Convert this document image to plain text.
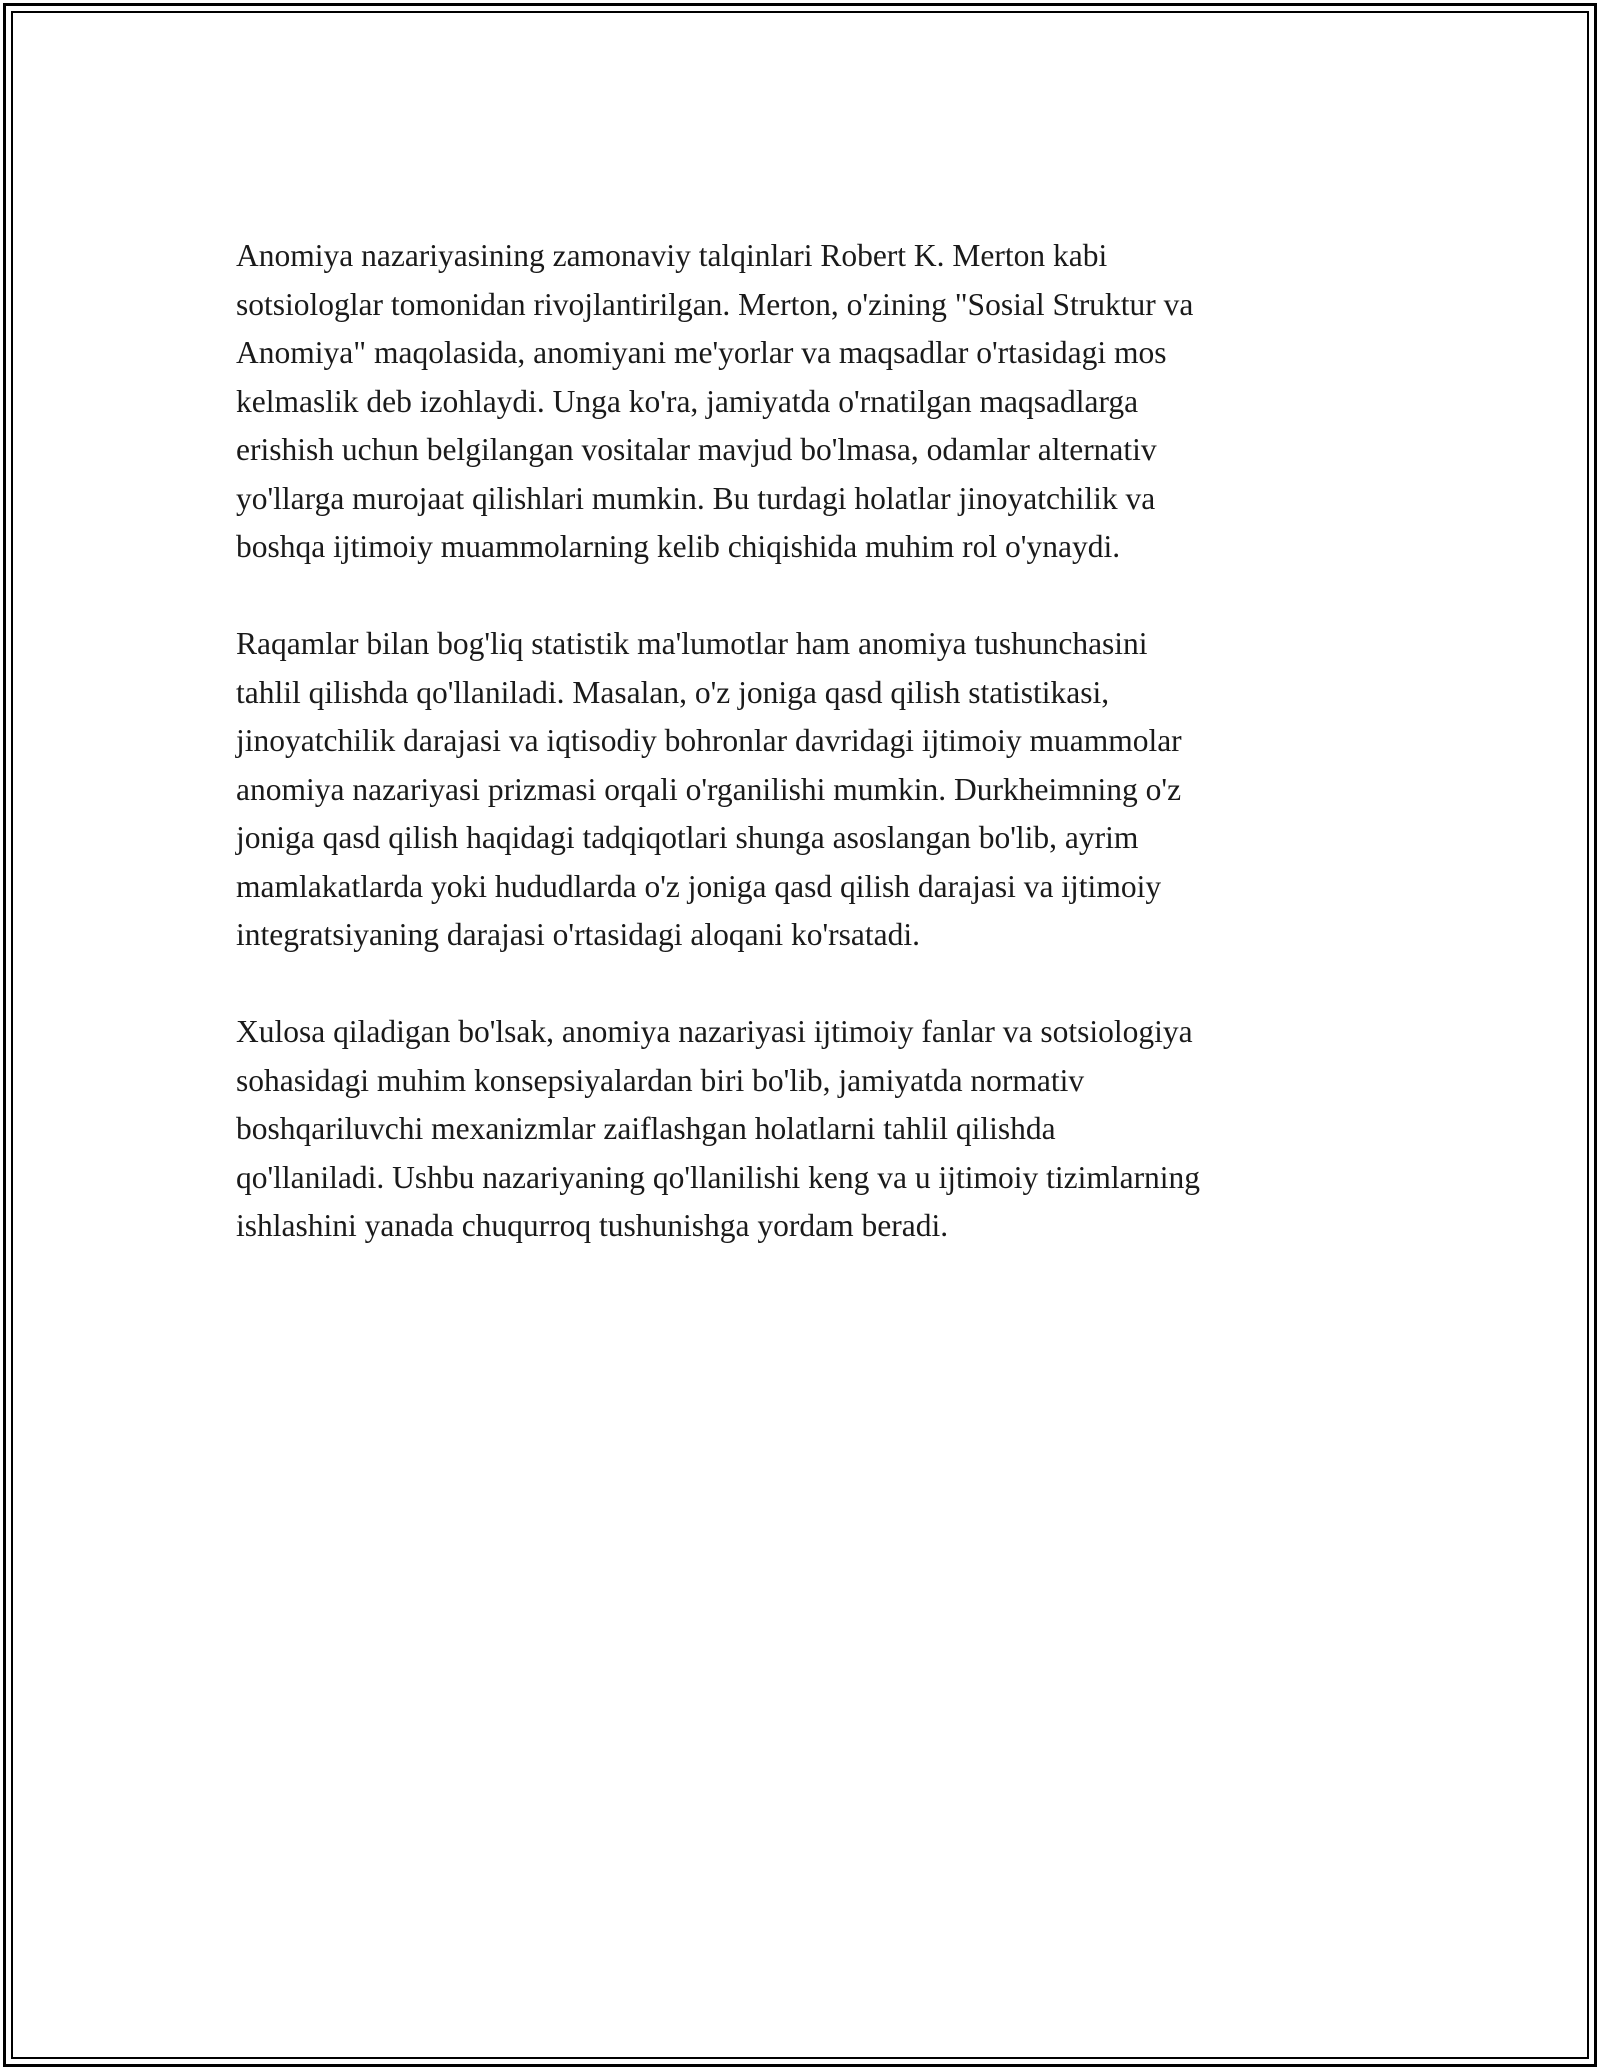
Anomiya nazariyasining zamonaviy talqinlari Robert K. Merton kabi
sotsiologlar tomonidan rivojlantirilgan. Merton, o'zining "Sosial Struktur va
Anomiya" maqolasida, anomiyani me'yorlar va maqsadlar o'rtasidagi mos
kelmaslik deb izohlaydi. Unga ko'ra, jamiyatda o'rnatilgan maqsadlarga
erishish uchun belgilangan vositalar mavjud bo'lmasa, odamlar alternativ
yo'llarga murojaat qilishlari mumkin. Bu turdagi holatlar jinoyatchilik va
boshqa ijtimoiy muammolarning kelib chiqishida muhim rol o'ynaydi.

Raqamlar bilan bog'liq statistik ma'lumotlar ham anomiya tushunchasini
tahlil qilishda qo'llaniladi. Masalan, o'z joniga qasd qilish statistikasi,
jinoyatchilik darajasi va iqtisodiy bohronlar davridagi ijtimoiy muammolar
anomiya nazariyasi prizmasi orqali o'rganilishi mumkin. Durkheimning o'z
joniga qasd qilish haqidagi tadqiqotlari shunga asoslangan bo'lib, ayrim
mamlakatlarda yoki hududlarda o'z joniga qasd qilish darajasi va ijtimoiy
integratsiyaning darajasi o'rtasidagi aloqani ko'rsatadi.

Xulosa qiladigan bo'lsak, anomiya nazariyasi ijtimoiy fanlar va sotsiologiya
sohasidagi muhim konsepsiyalardan biri bo'lib, jamiyatda normativ
boshqariluvchi mexanizmlar zaiflashgan holatlarni tahlil qilishda
qo'llaniladi. Ushbu nazariyaning qo'llanilishi keng va u ijtimoiy tizimlarning
ishlashini yanada chuqurroq tushunishga yordam beradi.
